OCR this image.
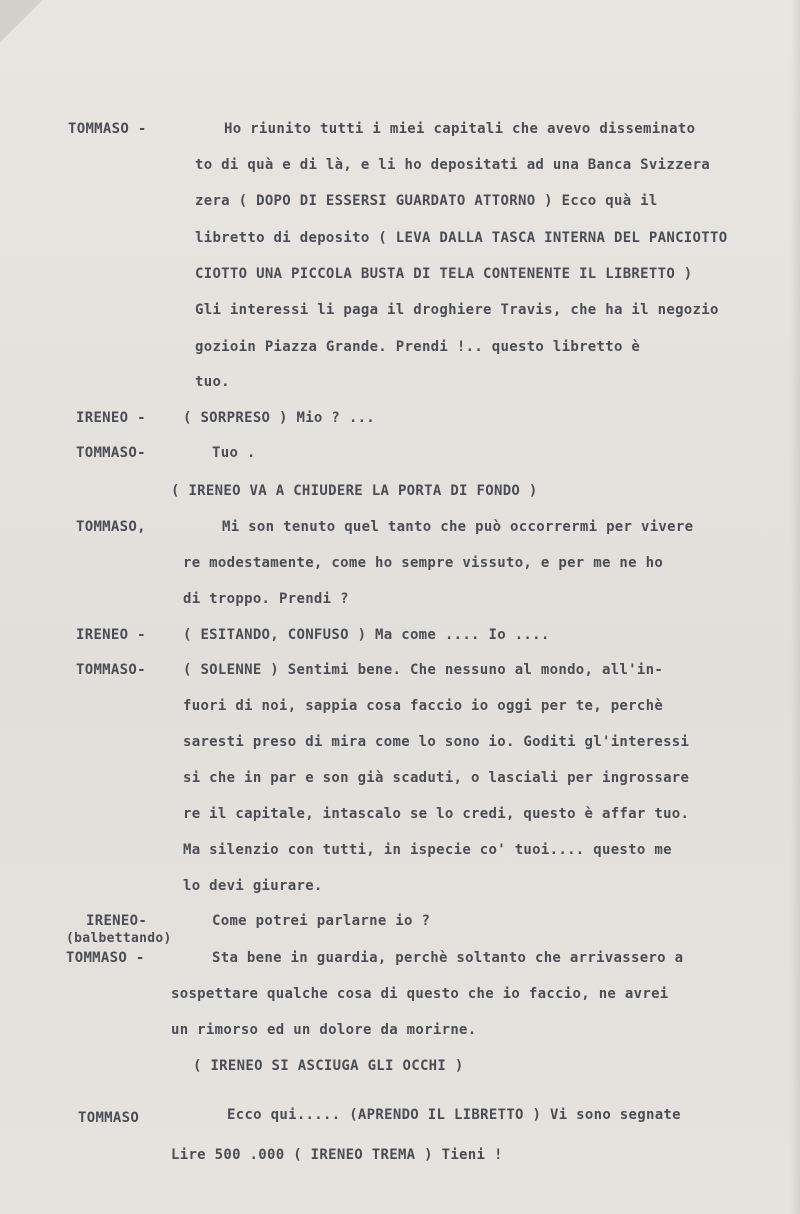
TOMMASO -	Ho riunito tutti i miei capitali che avevo disseminato
to di quà e di là, e li ho depositati ad una Banca Svizzera
zera ( DOPO DI ESSERSI GUARDATO ATTORNO ) Ecco quà il
libretto di deposito ( LEVA DALLA TASCA INTERNA DEL PANCIOTTO
CIOTTO UNA PICCOLA BUSTA DI TELA CONTENENTE IL LIBRETTO )
Gli interessi li paga il droghiere Travis, che ha il negozio
gozioin Piazza Grande. Prendi !.. questo libretto è
tuo.
IRENEO -	( SORPRESO ) Mio ? ...
TOMMASO-	Tuo .
( IRENEO VA A CHIUDERE LA PORTA DI FONDO )
TOMMASO,	Mi son tenuto quel tanto che può occorrermi per vivere
re modestamente, come ho sempre vissuto, e per me ne ho
di troppo. Prendi ?
IRENEO -	( ESITANDO, CONFUSO ) Ma come .... Io ....
TOMMASO-	( SOLENNE ) Sentimi bene. Che nessuno al mondo, all'in-
fuori di noi, sappia cosa faccio io oggi per te, perchè
saresti preso di mira come lo sono io. Goditi gl'interessi
si che in par e son già scaduti, o lasciali per ingrossare
re il capitale, intascalo se lo credi, questo è affar tuo.
Ma silenzio con tutti, in ispecie co' tuoi.... questo me
lo devi giurare.
IRENEO-
(balbettando)
Come potrei parlarne io ?
TOMMASO -	Sta bene in guardia, perchè soltanto che arrivassero a
sospettare qualche cosa di questo che io faccio, ne avrei
un rimorso ed un dolore da morirne.
( IRENEO SI ASCIUGA GLI OCCHI )
TOMMASO	Ecco qui..... (APRENDO IL LIBRETTO ) Vi sono segnate
Lire 500 .000 ( IRENEO TREMA ) Tieni !
